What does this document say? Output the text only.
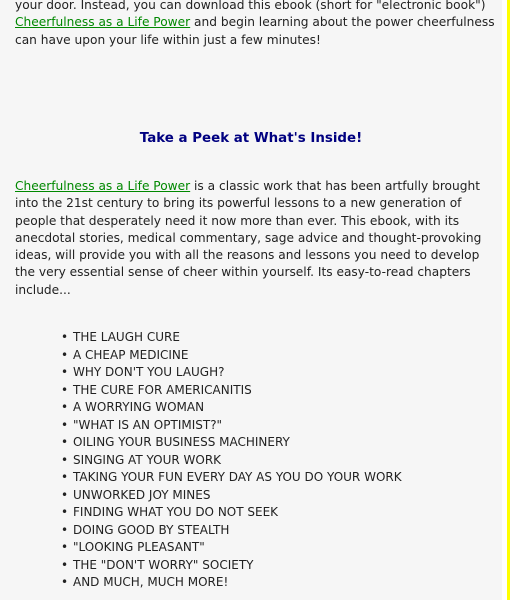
your door. Instead, you can download this ebook (short for "electronic book")
Cheerfulness as a Life Power and begin learning about the power cheerfulness can have upon your life within just a few minutes!

Take a Peek at What's Inside!

Cheerfulness as a Life Power is a classic work that has been artfully brought into the 21st century to bring its powerful lessons to a new generation of people that desperately need it now more than ever. This ebook, with its anecdotal stories, medical commentary, sage advice and thought-provoking ideas, will provide you with all the reasons and lessons you need to develop the very essential sense of cheer within yourself. Its easy-to-read chapters include...

• THE LAUGH CURE
• A CHEAP MEDICINE
• WHY DON'T YOU LAUGH?
• THE CURE FOR AMERICANITIS
• A WORRYING WOMAN
• "WHAT IS AN OPTIMIST?"
• OILING YOUR BUSINESS MACHINERY
• SINGING AT YOUR WORK
• TAKING YOUR FUN EVERY DAY AS YOU DO YOUR WORK
• UNWORKED JOY MINES
• FINDING WHAT YOU DO NOT SEEK
• DOING GOOD BY STEALTH
• "LOOKING PLEASANT"
• THE "DON'T WORRY" SOCIETY
• AND MUCH, MUCH MORE!
